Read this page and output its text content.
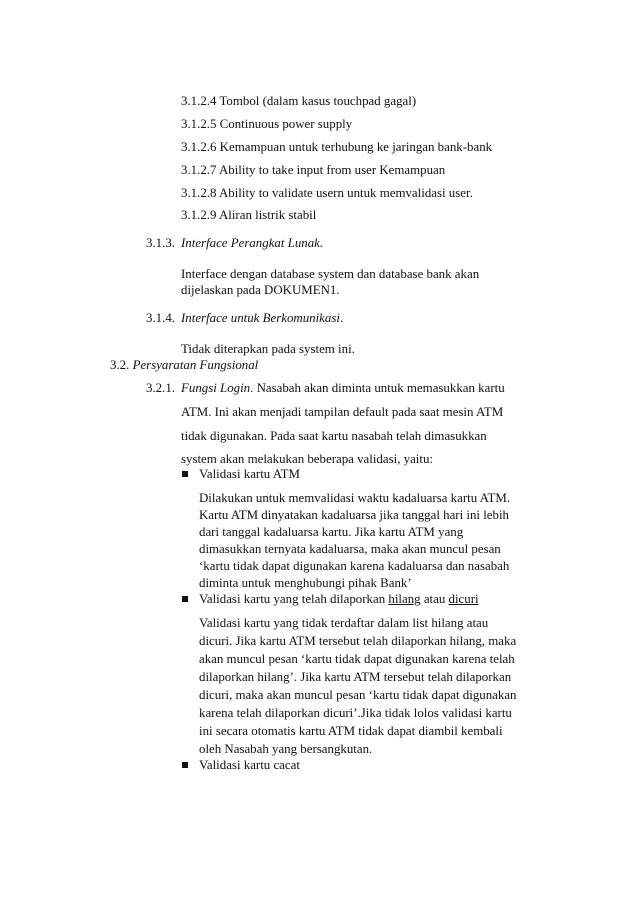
3.1.2.4 Tombol (dalam kasus touchpad gagal)
3.1.2.5 Continuous power supply
3.1.2.6 Kemampuan untuk terhubung ke jaringan bank-bank
3.1.2.7 Ability to take input from user Kemampuan
3.1.2.8 Ability to validate usern untuk memvalidasi user.
3.1.2.9 Aliran listrik stabil
3.1.3. Interface Perangkat Lunak.
Interface dengan database system dan database bank akan
dijelaskan pada DOKUMEN1.
3.1.4. Interface untuk Berkomunikasi.
Tidak diterapkan pada system ini.
3.2. Persyaratan Fungsional
3.2.1. Fungsi Login. Nasabah akan diminta untuk memasukkan kartu
ATM. Ini akan menjadi tampilan default pada saat mesin ATM
tidak digunakan. Pada saat kartu nasabah telah dimasukkan
system akan melakukan beberapa validasi, yaitu:
Validasi kartu ATM
Dilakukan untuk memvalidasi waktu kadaluarsa kartu ATM.
Kartu ATM dinyatakan kadaluarsa jika tanggal hari ini lebih
dari tanggal kadaluarsa kartu. Jika kartu ATM yang
dimasukkan ternyata kadaluarsa, maka akan muncul pesan
‘kartu tidak dapat digunakan karena kadaluarsa dan nasabah
diminta untuk menghubungi pihak Bank’
Validasi kartu yang telah dilaporkan hilang atau dicuri
Validasi kartu yang tidak terdaftar dalam list hilang atau
dicuri. Jika kartu ATM tersebut telah dilaporkan hilang, maka
akan muncul pesan ‘kartu tidak dapat digunakan karena telah
dilaporkan hilang’. Jika kartu ATM tersebut telah dilaporkan
dicuri, maka akan muncul pesan ‘kartu tidak dapat digunakan
karena telah dilaporkan dicuri’.Jika tidak lolos validasi kartu
ini secara otomatis kartu ATM tidak dapat diambil kembali
oleh Nasabah yang bersangkutan.
Validasi kartu cacat
